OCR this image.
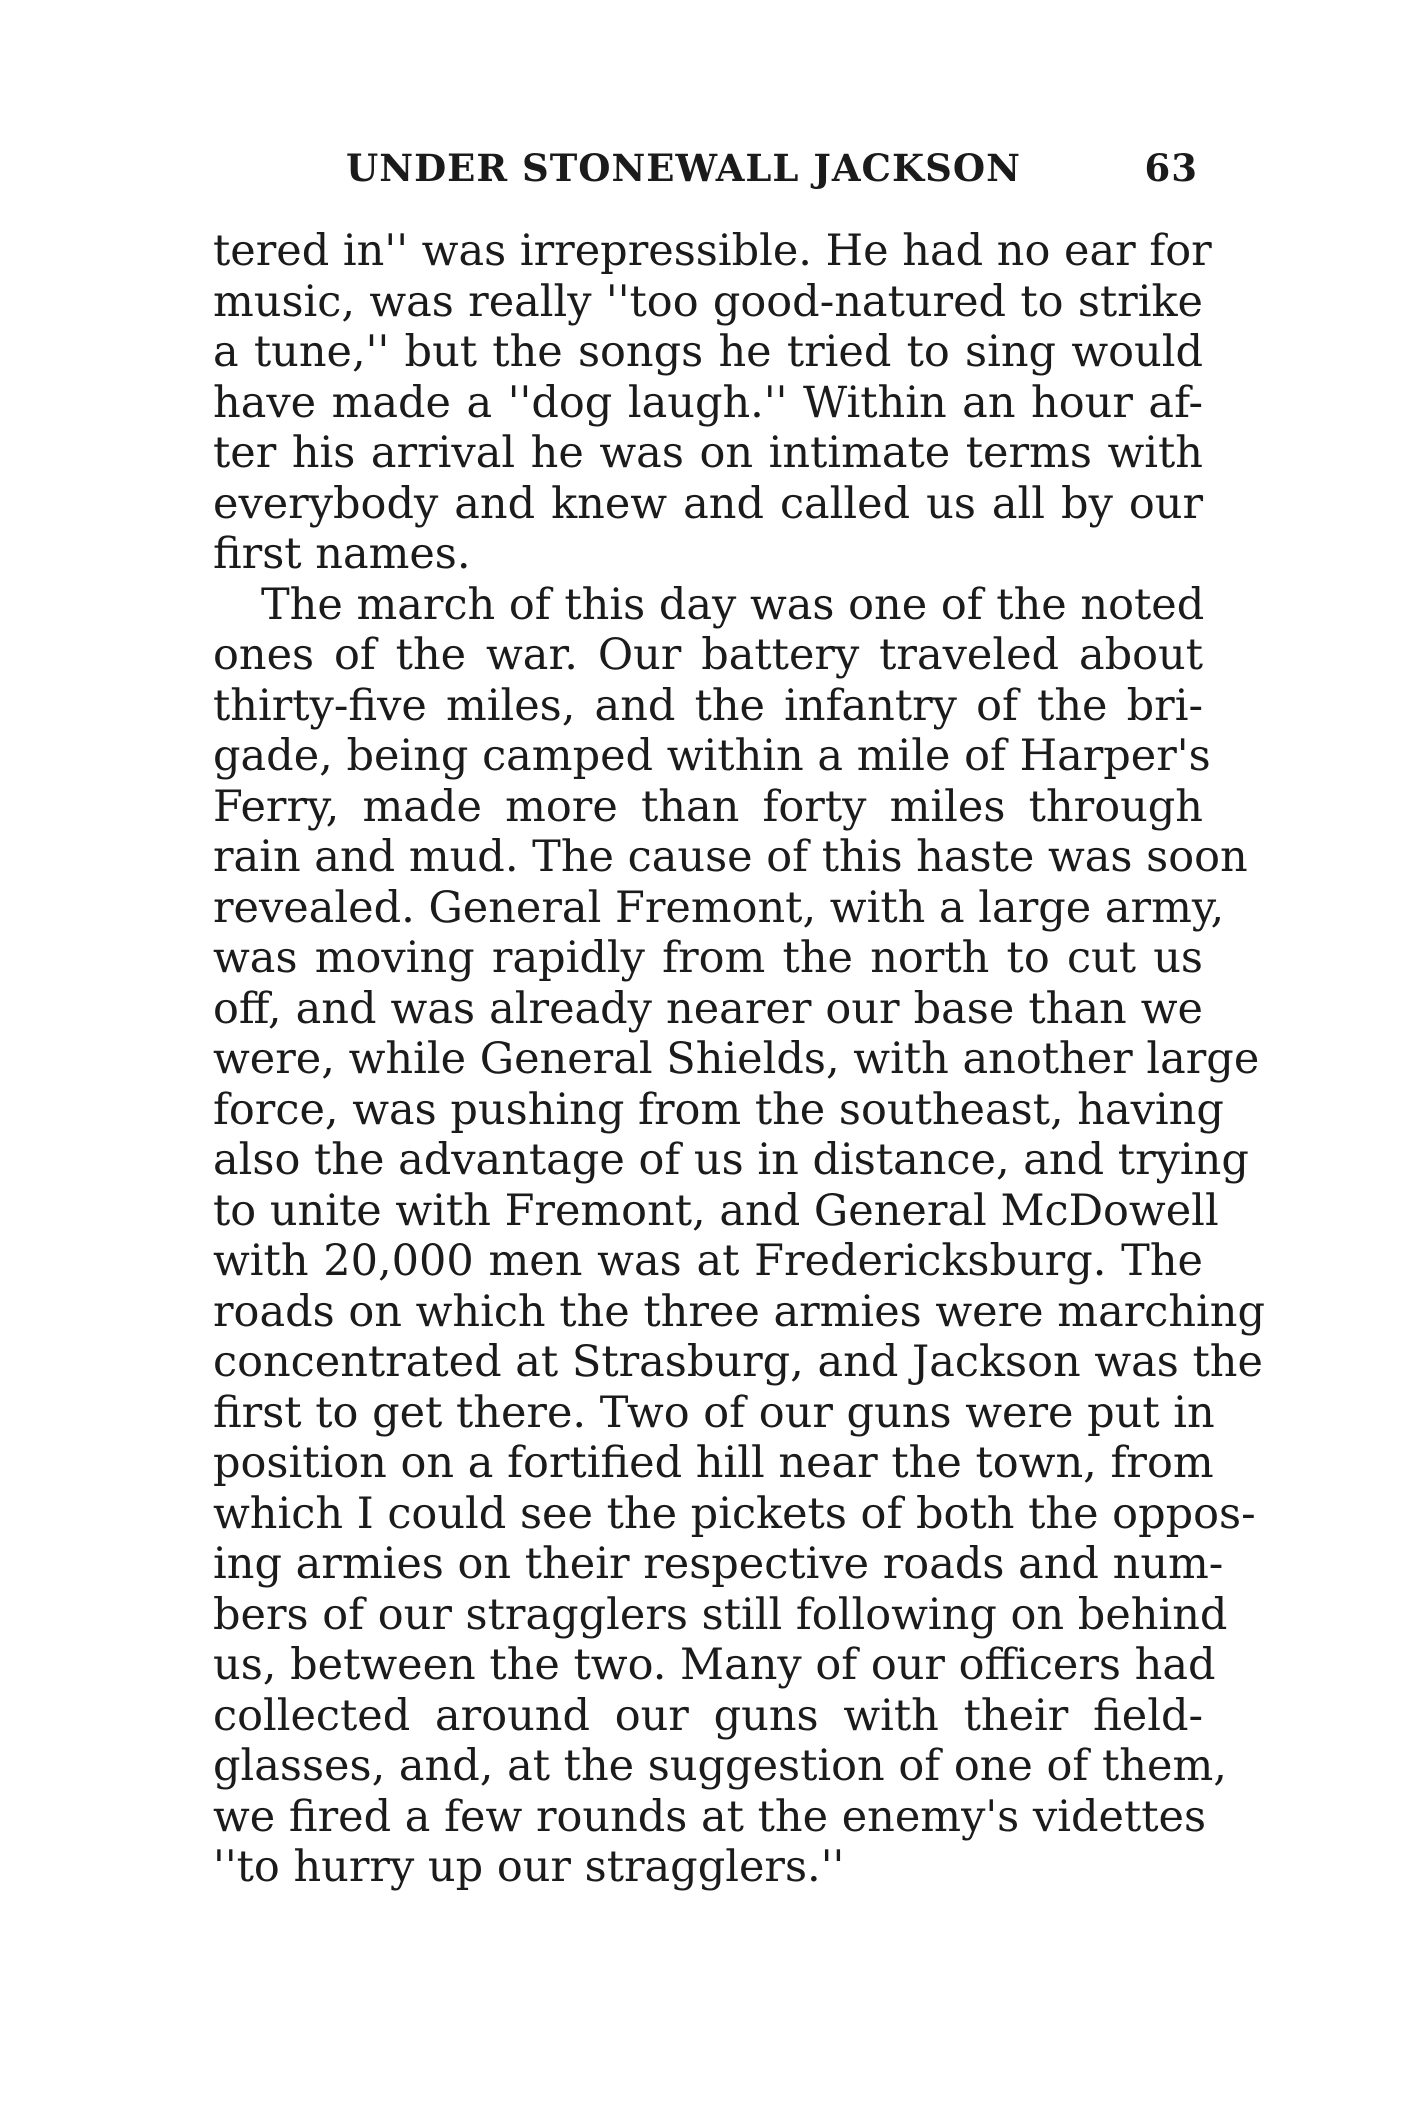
UNDER STONEWALL JACKSON	63
tered in'' was irrepressible. He had no ear for
music, was really ''too good-natured to strike
a tune,'' but the songs he tried to sing would
have made a ''dog laugh.'' Within an hour af-
ter his arrival he was on intimate terms with
everybody and knew and called us all by our
first names.
The march of this day was one of the noted
ones of the war. Our battery traveled about
thirty-five miles, and the infantry of the bri-
gade, being camped within a mile of Harper's
Ferry, made more than forty miles through
rain and mud. The cause of this haste was soon
revealed. General Fremont, with a large army,
was moving rapidly from the north to cut us
off, and was already nearer our base than we
were, while General Shields, with another large
force, was pushing from the southeast, having
also the advantage of us in distance, and trying
to unite with Fremont, and General McDowell
with 20,000 men was at Fredericksburg. The
roads on which the three armies were marching
concentrated at Strasburg, and Jackson was the
first to get there. Two of our guns were put in
position on a fortified hill near the town, from
which I could see the pickets of both the oppos-
ing armies on their respective roads and num-
bers of our stragglers still following on behind
us, between the two. Many of our officers had
collected around our guns with their field-
glasses, and, at the suggestion of one of them,
we fired a few rounds at the enemy's videttes
''to hurry up our stragglers.''
